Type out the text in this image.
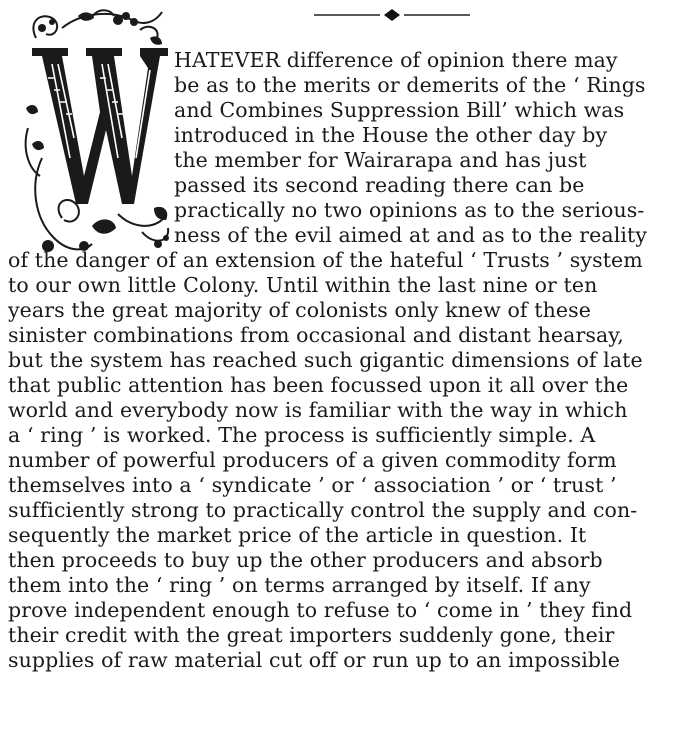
HATEVER difference of opinion there may
be as to the merits or demerits of the ‘ Rings
and Combines Suppression Bill’ which was
introduced in the House the other day by
the member for Wairarapa and has just
passed its second reading there can be
practically no two opinions as to the serious-
ness of the evil aimed at and as to the reality
of the danger of an extension of the hateful ‘ Trusts ’ system
to our own little Colony. Until within the last nine or ten
years the great majority of colonists only knew of these
sinister combinations from occasional and distant hearsay,
but the system has reached such gigantic dimensions of late
that public attention has been focussed upon it all over the
world and everybody now is familiar with the way in which
a ‘ ring ’ is worked. The process is sufficiently simple. A
number of powerful producers of a given commodity form
themselves into a ‘ syndicate ’ or ‘ association ’ or ‘ trust ’
sufficiently strong to practically control the supply and con-
sequently the market price of the article in question. It
then proceeds to buy up the other producers and absorb
them into the ‘ ring ’ on terms arranged by itself. If any
prove independent enough to refuse to ‘ come in ’ they find
their credit with the great importers suddenly gone, their
supplies of raw material cut off or run up to an impossible
